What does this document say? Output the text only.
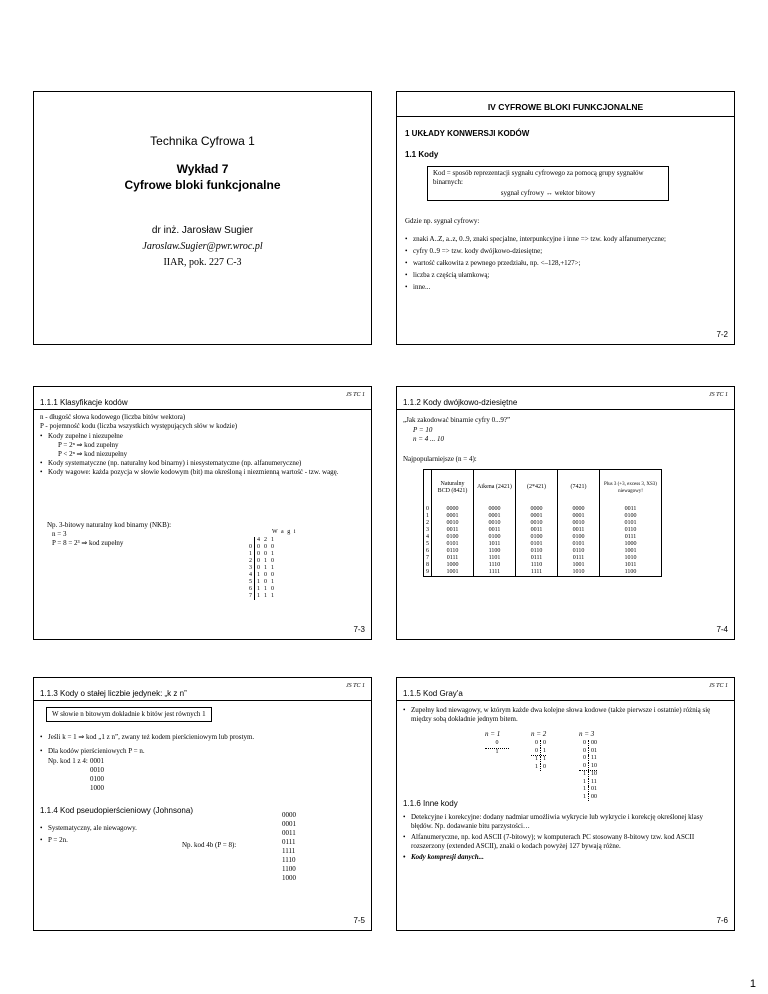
Technika Cyfrowa 1
Wykład 7
Cyfrowe bloki funkcjonalne
dr inż. Jarosław Sugier
Jaroslaw.Sugier@pwr.wroc.pl
IIAR, pok. 227 C-3
IV CYFROWE BLOKI FUNKCJONALNE
1 UKŁADY KONWERSJI KODÓW
1.1 Kody
Kod = sposób reprezentacji sygnału cyfrowego za pomocą grupy sygnałów binarnych:
sygnał cyfrowy ↔ wektor bitowy
Gdzie np. sygnał cyfrowy:
• znaki A..Z, a..z, 0..9, znaki specjalne, interpunkcyjne i inne => tzw. kody alfanumeryczne;
• cyfry 0..9 => tzw. kody dwójkowo-dziesiętne;
• wartość całkowita z pewnego przedziału, np. <–128,+127>;
• liczba z częścią ułamkową;
• inne...
7-2
JS TC 1
1.1.1 Klasyfikacje kodów
n - długość słowa kodowego (liczba bitów wektora)
P - pojemność kodu (liczba wszystkich występujących słów w kodzie)
• Kody zupełne i niezupełne
P = 2ⁿ ⇒ kod zupełny
P < 2ⁿ ⇒ kod niezupełny
• Kody systematyczne (np. naturalny kod binarny) i niesystematyczne (np. alfanumeryczne)
• Kody wagowe: każda pozycja w słowie kodowym (bit) ma określoną i niezmienną wartość - tzw. wagę.
Np. 3-bitowy naturalny kod binarny (NKB):
n = 3
P = 8 = 2³ ⇒ kod zupełny
W a g i
	4	2	1
0	0	0	0
1	0	0	1
2	0	1	0
3	0	1	1
4	1	0	0
5	1	0	1
6	1	1	0
7	1	1	1
7-3
JS TC 1
1.1.2 Kody dwójkowo-dziesiętne
„Jak zakodować binarnie cyfry 0...9?”
P = 10
n = 4 ... 10
Najpopularniejsze (n = 4):
	Naturalny BCD (8421)	Aikena (2421)	(2*421)	(7421)	Plus 3 (+3, excess 3, XS3) niewagowy!
0	0000	0000	0000	0000	0011
1	0001	0001	0001	0001	0100
2	0010	0010	0010	0010	0101
3	0011	0011	0011	0011	0110
4	0100	0100	0100	0100	0111
5	0101	1011	0101	0101	1000
6	0110	1100	0110	0110	1001
7	0111	1101	0111	0111	1010
8	1000	1110	1110	1001	1011
9	1001	1111	1111	1010	1100
7-4
JS TC 1
1.1.3 Kody o stałej liczbie jedynek: „k z n”
W słowie n bitowym dokładnie k bitów jest równych 1
• Jeśli k = 1 ⇒ kod „1 z n”, zwany też kodem pierścieniowym lub prostym.
• Dla kodów pierścieniowych P = n.
Np. kod 1 z 4: 0001
0010
0100
1000
1.1.4 Kod pseudopierścieniowy (Johnsona)
• Systematyczny, ale niewagowy.
• P = 2n.
Np. kod 4b (P = 8):
0000
0001
0011
0111
1111
1110
1100
1000
7-5
JS TC 1
1.1.5 Kod Gray'a
• Zupełny kod niewagowy, w którym każde dwa kolejne słowa kodowe (także pierwsze i ostatnie) różnią się między sobą dokładnie jednym bitem.
n = 1	n = 2	n = 3
0
1
0 0
0 1
1 1
1 0
0 00
0 01
0 11
0 10
1 10
1 11
1 01
1 00
1.1.6 Inne kody
• Detekcyjne i korekcyjne: dodany nadmiar umożliwia wykrycie lub wykrycie i korekcję określonej klasy błędów. Np. dodawanie bitu parzystości…
• Alfanumeryczne, np. kod ASCII (7-bitowy); w komputerach PC stosowany 8-bitowy tzw. kod ASCII rozszerzony (extended ASCII), znaki o kodach powyżej 127 bywają różne.
• Kody kompresji danych...
7-6
1
